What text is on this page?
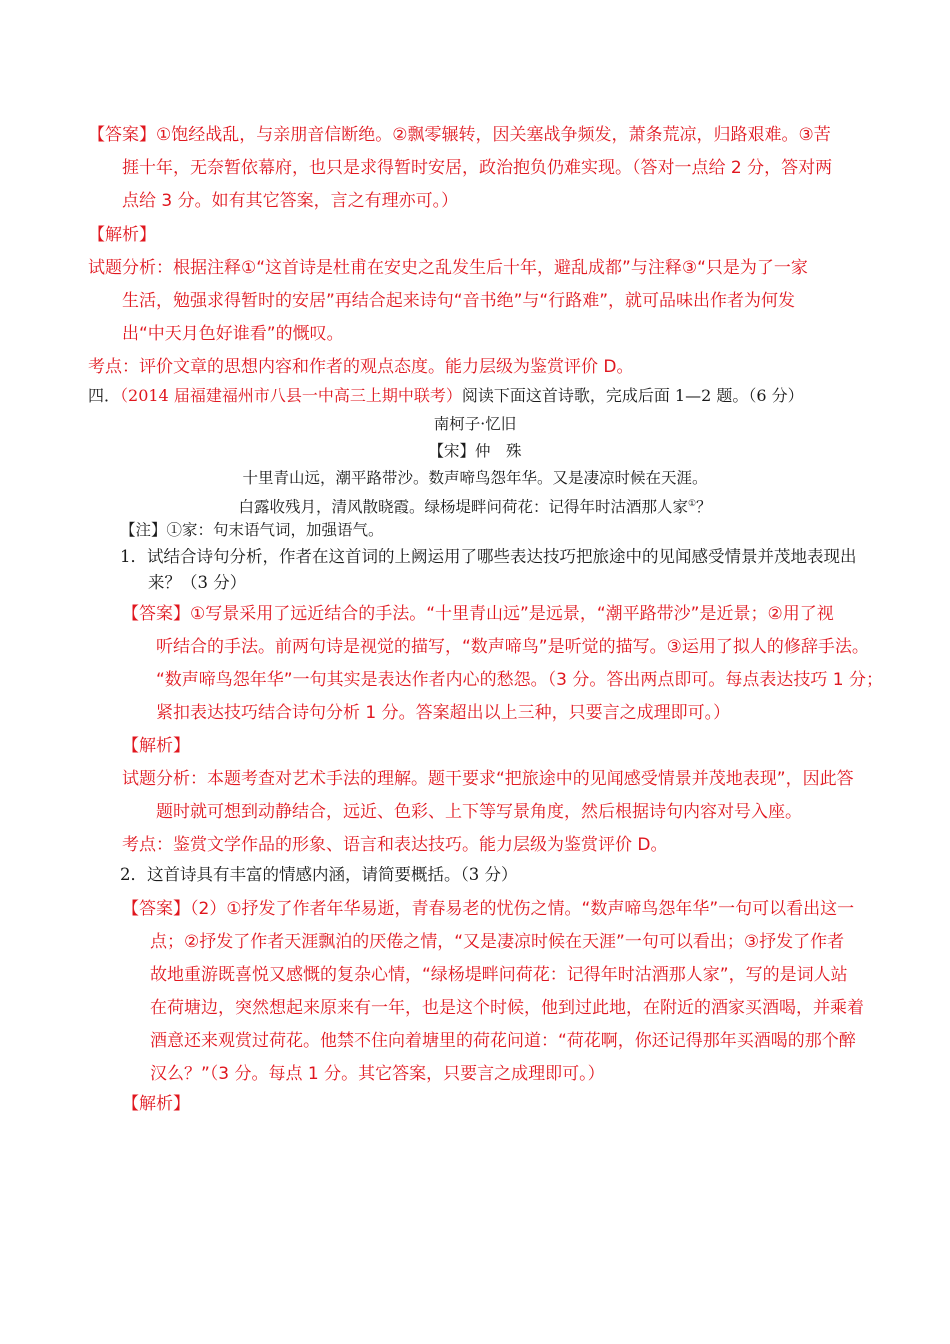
【答案】①饱经战乱，与亲朋音信断绝。②飘零辗转，因关塞战争频发，萧条荒凉，归路艰难。③苦
捱十年，无奈暂依幕府，也只是求得暂时安居，政治抱负仍难实现。（答对一点给 2 分，答对两
点给 3 分。如有其它答案，言之有理亦可。）
【解析】
试题分析：根据注释①“这首诗是杜甫在安史之乱发生后十年，避乱成都”与注释③“只是为了一家
生活，勉强求得暂时的安居”再结合起来诗句“音书绝”与“行路难”，就可品味出作者为何发
出“中天月色好谁看”的慨叹。
考点：评价文章的思想内容和作者的观点态度。能力层级为鉴赏评价 D。
四．（2014 届福建福州市八县一中高三上期中联考）阅读下面这首诗歌，完成后面 1—2 题。（6 分）
南柯子·忆旧
【宋】仲　殊
十里青山远，潮平路带沙。数声啼鸟怨年华。又是凄凉时候在天涯。
白露收残月，清风散晓霞。绿杨堤畔问荷花：记得年时沽酒那人家①？
【注】①家：句末语气词，加强语气。
1．试结合诗句分析，作者在这首词的上阙运用了哪些表达技巧把旅途中的见闻感受情景并茂地表现出
来？（3 分）
【答案】①写景采用了远近结合的手法。“十里青山远”是远景，“潮平路带沙”是近景；②用了视
听结合的手法。前两句诗是视觉的描写，“数声啼鸟”是听觉的描写。③运用了拟人的修辞手法。
“数声啼鸟怨年华”一句其实是表达作者内心的愁怨。（3 分。答出两点即可。每点表达技巧 1 分；
紧扣表达技巧结合诗句分析 1 分。答案超出以上三种，只要言之成理即可。）
【解析】
试题分析：本题考查对艺术手法的理解。题干要求“把旅途中的见闻感受情景并茂地表现”，因此答
题时就可想到动静结合，远近、色彩、上下等写景角度，然后根据诗句内容对号入座。
考点：鉴赏文学作品的形象、语言和表达技巧。能力层级为鉴赏评价 D。
2．这首诗具有丰富的情感内涵，请简要概括。（3 分）
【答案】（2）①抒发了作者年华易逝，青春易老的忧伤之情。“数声啼鸟怨年华”一句可以看出这一
点；②抒发了作者天涯飘泊的厌倦之情，“又是凄凉时候在天涯”一句可以看出；③抒发了作者
故地重游既喜悦又感慨的复杂心情，“绿杨堤畔问荷花：记得年时沽酒那人家”，写的是词人站
在荷塘边，突然想起来原来有一年，也是这个时候，他到过此地，在附近的酒家买酒喝，并乘着
酒意还来观赏过荷花。他禁不住向着塘里的荷花问道：“荷花啊，你还记得那年买酒喝的那个醉
汉么？”（3 分。每点 1 分。其它答案，只要言之成理即可。）
【解析】
